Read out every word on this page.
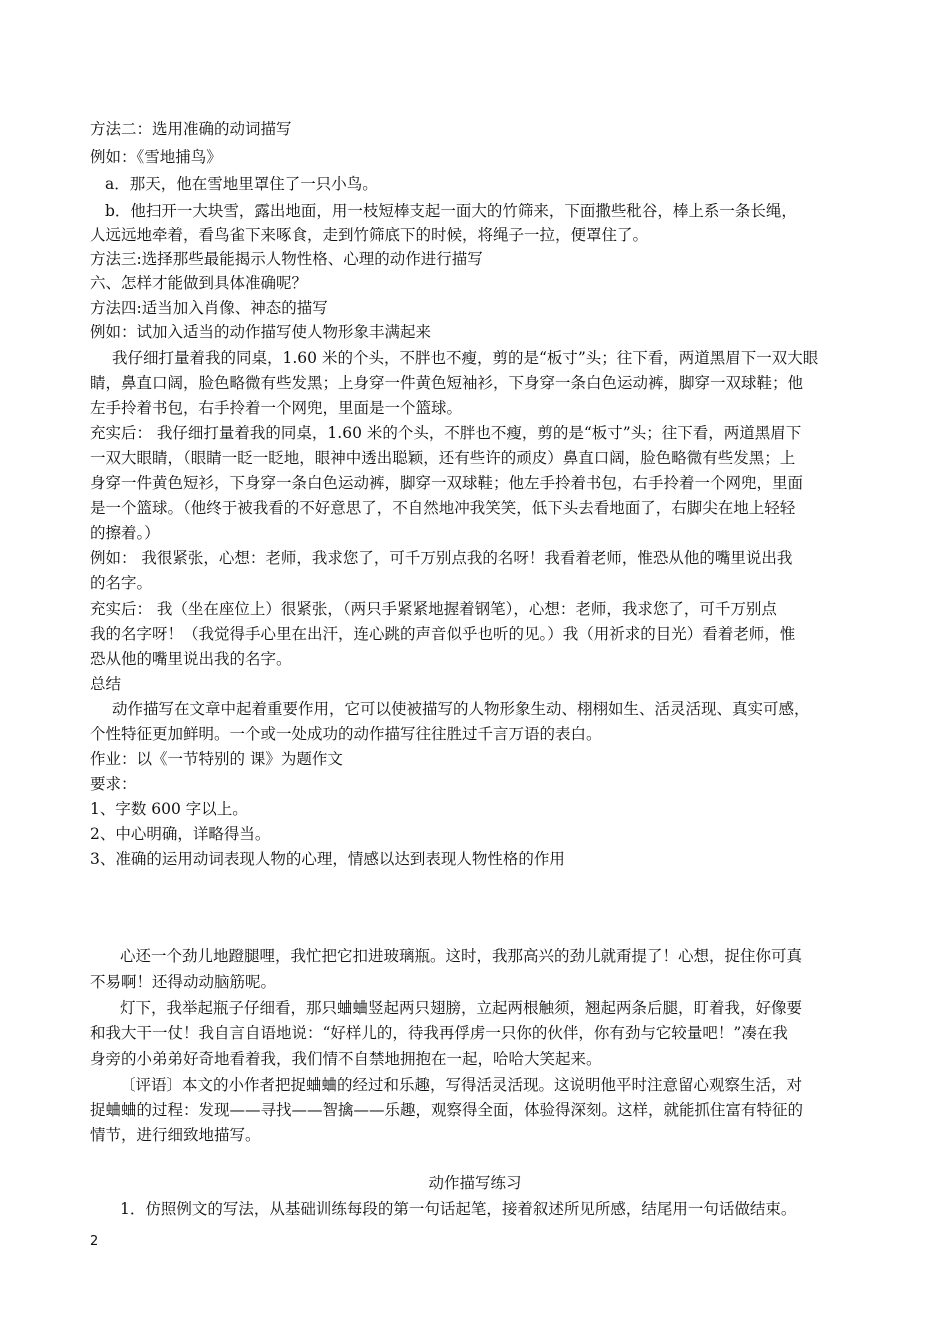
方法二：选用准确的动词描写
例如：《雪地捕鸟》
a．那天，他在雪地里罩住了一只小鸟。
b．他扫开一大块雪，露出地面，用一枝短棒支起一面大的竹筛来，下面撒些秕谷，棒上系一条长绳，
人远远地牵着，看鸟雀下来啄食，走到竹筛底下的时候，将绳子一拉，便罩住了。
方法三:选择那些最能揭示人物性格、心理的动作进行描写
六、怎样才能做到具体准确呢？
方法四:适当加入肖像、神态的描写
例如：试加入适当的动作描写使人物形象丰满起来
我仔细打量着我的同桌，1.60 米的个头，不胖也不瘦，剪的是“板寸”头；往下看，两道黑眉下一双大眼
睛，鼻直口阔，脸色略微有些发黑；上身穿一件黄色短袖衫，下身穿一条白色运动裤，脚穿一双球鞋；他
左手拎着书包，右手拎着一个网兜，里面是一个篮球。
充实后： 我仔细打量着我的同桌，1.60 米的个头，不胖也不瘦，剪的是“板寸”头；往下看，两道黑眉下
一双大眼睛，（眼睛一眨一眨地，眼神中透出聪颖，还有些许的顽皮）鼻直口阔，脸色略微有些发黑；上
身穿一件黄色短衫，下身穿一条白色运动裤，脚穿一双球鞋；他左手拎着书包，右手拎着一个网兜，里面
是一个篮球。（他终于被我看的不好意思了，不自然地冲我笑笑，低下头去看地面了，右脚尖在地上轻轻
的擦着。）
例如： 我很紧张，心想：老师，我求您了，可千万别点我的名呀！我看着老师，惟恐从他的嘴里说出我
的名字。
充实后： 我（坐在座位上）很紧张，（两只手紧紧地握着钢笔），心想：老师，我求您了，可千万别点
我的名字呀！（我觉得手心里在出汗，连心跳的声音似乎也听的见。）我（用祈求的目光）看着老师，惟
恐从他的嘴里说出我的名字。
总结
动作描写在文章中起着重要作用，它可以使被描写的人物形象生动、栩栩如生、活灵活现、真实可感，
个性特征更加鲜明。一个或一处成功的动作描写往往胜过千言万语的表白。
作业：以《一节特别的 课》为题作文
要求：
1、字数 600 字以上。
2、中心明确，详略得当。
3、准确的运用动词表现人物的心理，情感以达到表现人物性格的作用
心还一个劲儿地蹬腿哩，我忙把它扣进玻璃瓶。这时，我那高兴的劲儿就甭提了！心想，捉住你可真
不易啊！还得动动脑筋呢。
灯下，我举起瓶子仔细看，那只蛐蛐竖起两只翅膀，立起两根触须，翘起两条后腿，盯着我，好像要
和我大干一仗！我自言自语地说：“好样儿的，待我再俘虏一只你的伙伴，你有劲与它较量吧！”凑在我
身旁的小弟弟好奇地看着我，我们情不自禁地拥抱在一起，哈哈大笑起来。
〔评语〕本文的小作者把捉蛐蛐的经过和乐趣，写得活灵活现。这说明他平时注意留心观察生活，对
捉蛐蛐的过程：发现——寻找——智擒——乐趣，观察得全面，体验得深刻。这样，就能抓住富有特征的
情节，进行细致地描写。
动作描写练习
1．仿照例文的写法，从基础训练每段的第一句话起笔，接着叙述所见所感，结尾用一句话做结束。
2
